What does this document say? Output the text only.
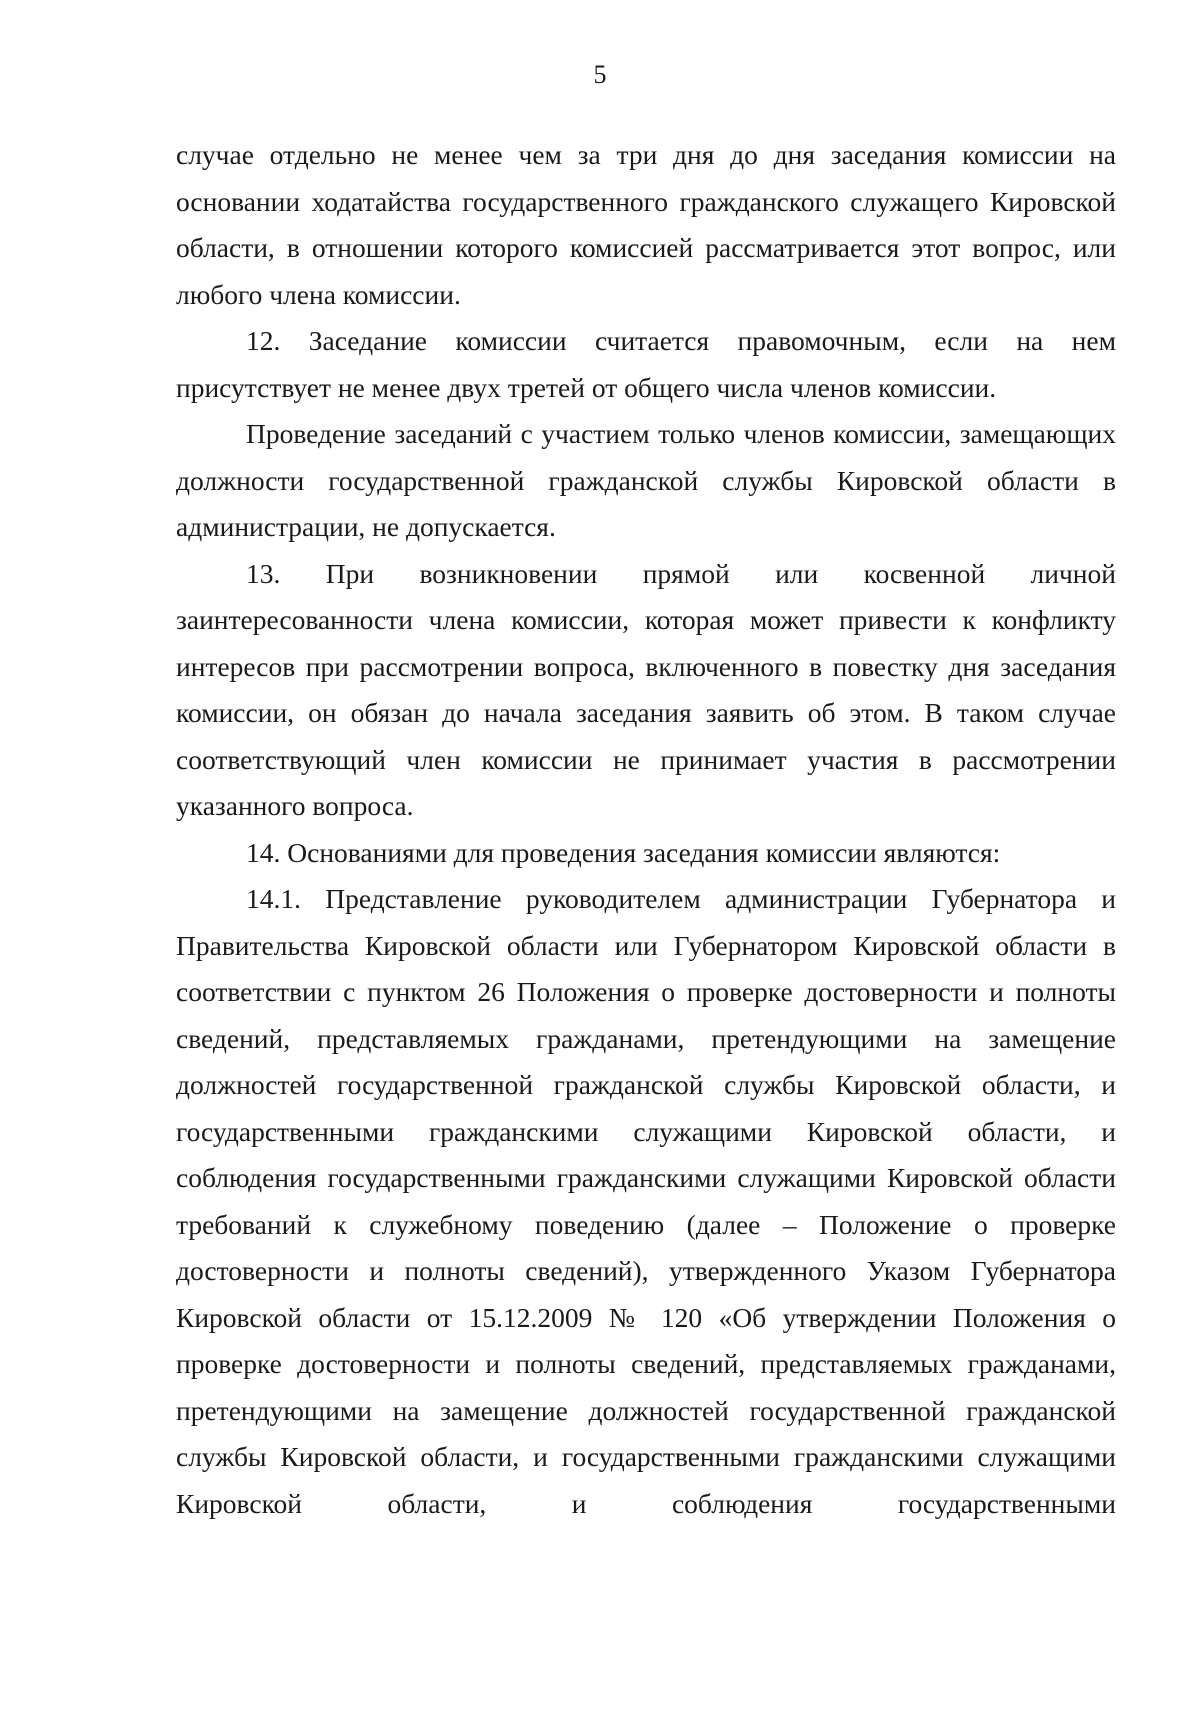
5

случае отдельно не менее чем за три дня до дня заседания комиссии на основании ходатайства государственного гражданского служащего Кировской области, в отношении которого комиссией рассматривается этот вопрос, или любого члена комиссии.

12. Заседание комиссии считается правомочным, если на нем присутствует не менее двух третей от общего числа членов комиссии.

Проведение заседаний с участием только членов комиссии, замещающих должности государственной гражданской службы Кировской области в администрации, не допускается.

13. При возникновении прямой или косвенной личной заинтересованности члена комиссии, которая может привести к конфликту интересов при рассмотрении вопроса, включенного в повестку дня заседания комиссии, он обязан до начала заседания заявить об этом. В таком случае соответствующий член комиссии не принимает участия в рассмотрении указанного вопроса.

14. Основаниями для проведения заседания комиссии являются:

14.1. Представление руководителем администрации Губернатора и Правительства Кировской области или Губернатором Кировской области в соответствии с пунктом 26 Положения о проверке достоверности и полноты сведений, представляемых гражданами, претендующими на замещение должностей государственной гражданской службы Кировской области, и государственными гражданскими служащими Кировской области, и соблюдения государственными гражданскими служащими Кировской области требований к служебному поведению (далее – Положение о проверке достоверности и полноты сведений), утвержденного Указом Губернатора Кировской области от 15.12.2009 № 120 «Об утверждении Положения о проверке достоверности и полноты сведений, представляемых гражданами, претендующими на замещение должностей государственной гражданской службы Кировской области, и государственными гражданскими служащими Кировской области, и соблюдения государственными
